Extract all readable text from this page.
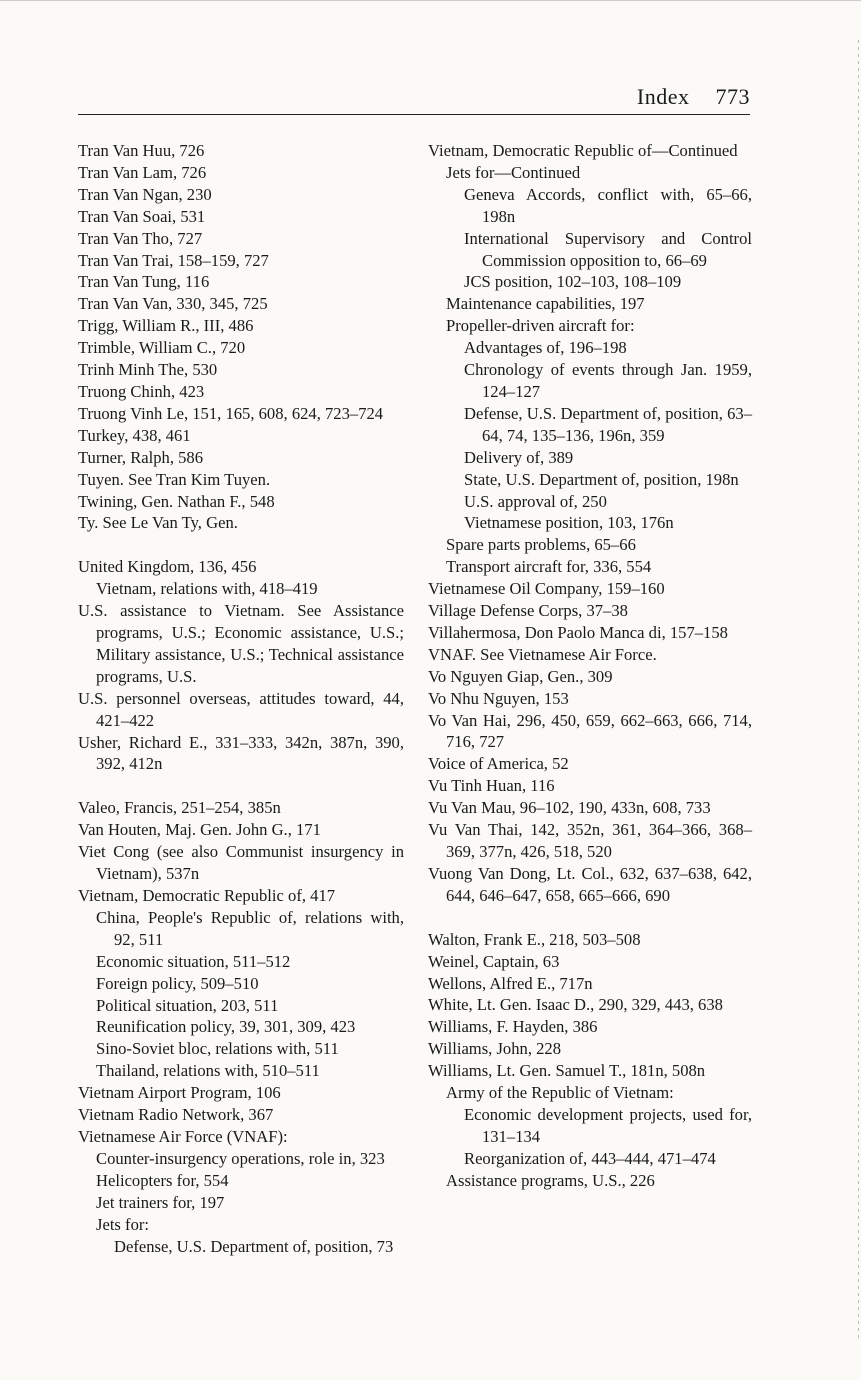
Index 773
Tran Van Huu, 726
Tran Van Lam, 726
Tran Van Ngan, 230
Tran Van Soai, 531
Tran Van Tho, 727
Tran Van Trai, 158–159, 727
Tran Van Tung, 116
Tran Van Van, 330, 345, 725
Trigg, William R., III, 486
Trimble, William C., 720
Trinh Minh The, 530
Truong Chinh, 423
Truong Vinh Le, 151, 165, 608, 624, 723–724
Turkey, 438, 461
Turner, Ralph, 586
Tuyen. See Tran Kim Tuyen.
Twining, Gen. Nathan F., 548
Ty. See Le Van Ty, Gen.
United Kingdom, 136, 456
Vietnam, relations with, 418–419
U.S. assistance to Vietnam. See Assistance programs, U.S.; Economic assistance, U.S.; Military assistance, U.S.; Technical assistance programs, U.S.
U.S. personnel overseas, attitudes toward, 44, 421–422
Usher, Richard E., 331–333, 342n, 387n, 390, 392, 412n
Valeo, Francis, 251–254, 385n
Van Houten, Maj. Gen. John G., 171
Viet Cong (see also Communist insurgency in Vietnam), 537n
Vietnam, Democratic Republic of, 417
China, People's Republic of, relations with, 92, 511
Economic situation, 511–512
Foreign policy, 509–510
Political situation, 203, 511
Reunification policy, 39, 301, 309, 423
Sino-Soviet bloc, relations with, 511
Thailand, relations with, 510–511
Vietnam Airport Program, 106
Vietnam Radio Network, 367
Vietnamese Air Force (VNAF):
Counter-insurgency operations, role in, 323
Helicopters for, 554
Jet trainers for, 197
Jets for:
Defense, U.S. Department of, position, 73
Vietnam, Democratic Republic of—Continued
Jets for—Continued
Geneva Accords, conflict with, 65–66, 198n
International Supervisory and Control Commission opposition to, 66–69
JCS position, 102–103, 108–109
Maintenance capabilities, 197
Propeller-driven aircraft for:
Advantages of, 196–198
Chronology of events through Jan. 1959, 124–127
Defense, U.S. Department of, position, 63–64, 74, 135–136, 196n, 359
Delivery of, 389
State, U.S. Department of, position, 198n
U.S. approval of, 250
Vietnamese position, 103, 176n
Spare parts problems, 65–66
Transport aircraft for, 336, 554
Vietnamese Oil Company, 159–160
Village Defense Corps, 37–38
Villahermosa, Don Paolo Manca di, 157–158
VNAF. See Vietnamese Air Force.
Vo Nguyen Giap, Gen., 309
Vo Nhu Nguyen, 153
Vo Van Hai, 296, 450, 659, 662–663, 666, 714, 716, 727
Voice of America, 52
Vu Tinh Huan, 116
Vu Van Mau, 96–102, 190, 433n, 608, 733
Vu Van Thai, 142, 352n, 361, 364–366, 368–369, 377n, 426, 518, 520
Vuong Van Dong, Lt. Col., 632, 637–638, 642, 644, 646–647, 658, 665–666, 690
Walton, Frank E., 218, 503–508
Weinel, Captain, 63
Wellons, Alfred E., 717n
White, Lt. Gen. Isaac D., 290, 329, 443, 638
Williams, F. Hayden, 386
Williams, John, 228
Williams, Lt. Gen. Samuel T., 181n, 508n
Army of the Republic of Vietnam:
Economic development projects, used for, 131–134
Reorganization of, 443–444, 471–474
Assistance programs, U.S., 226
